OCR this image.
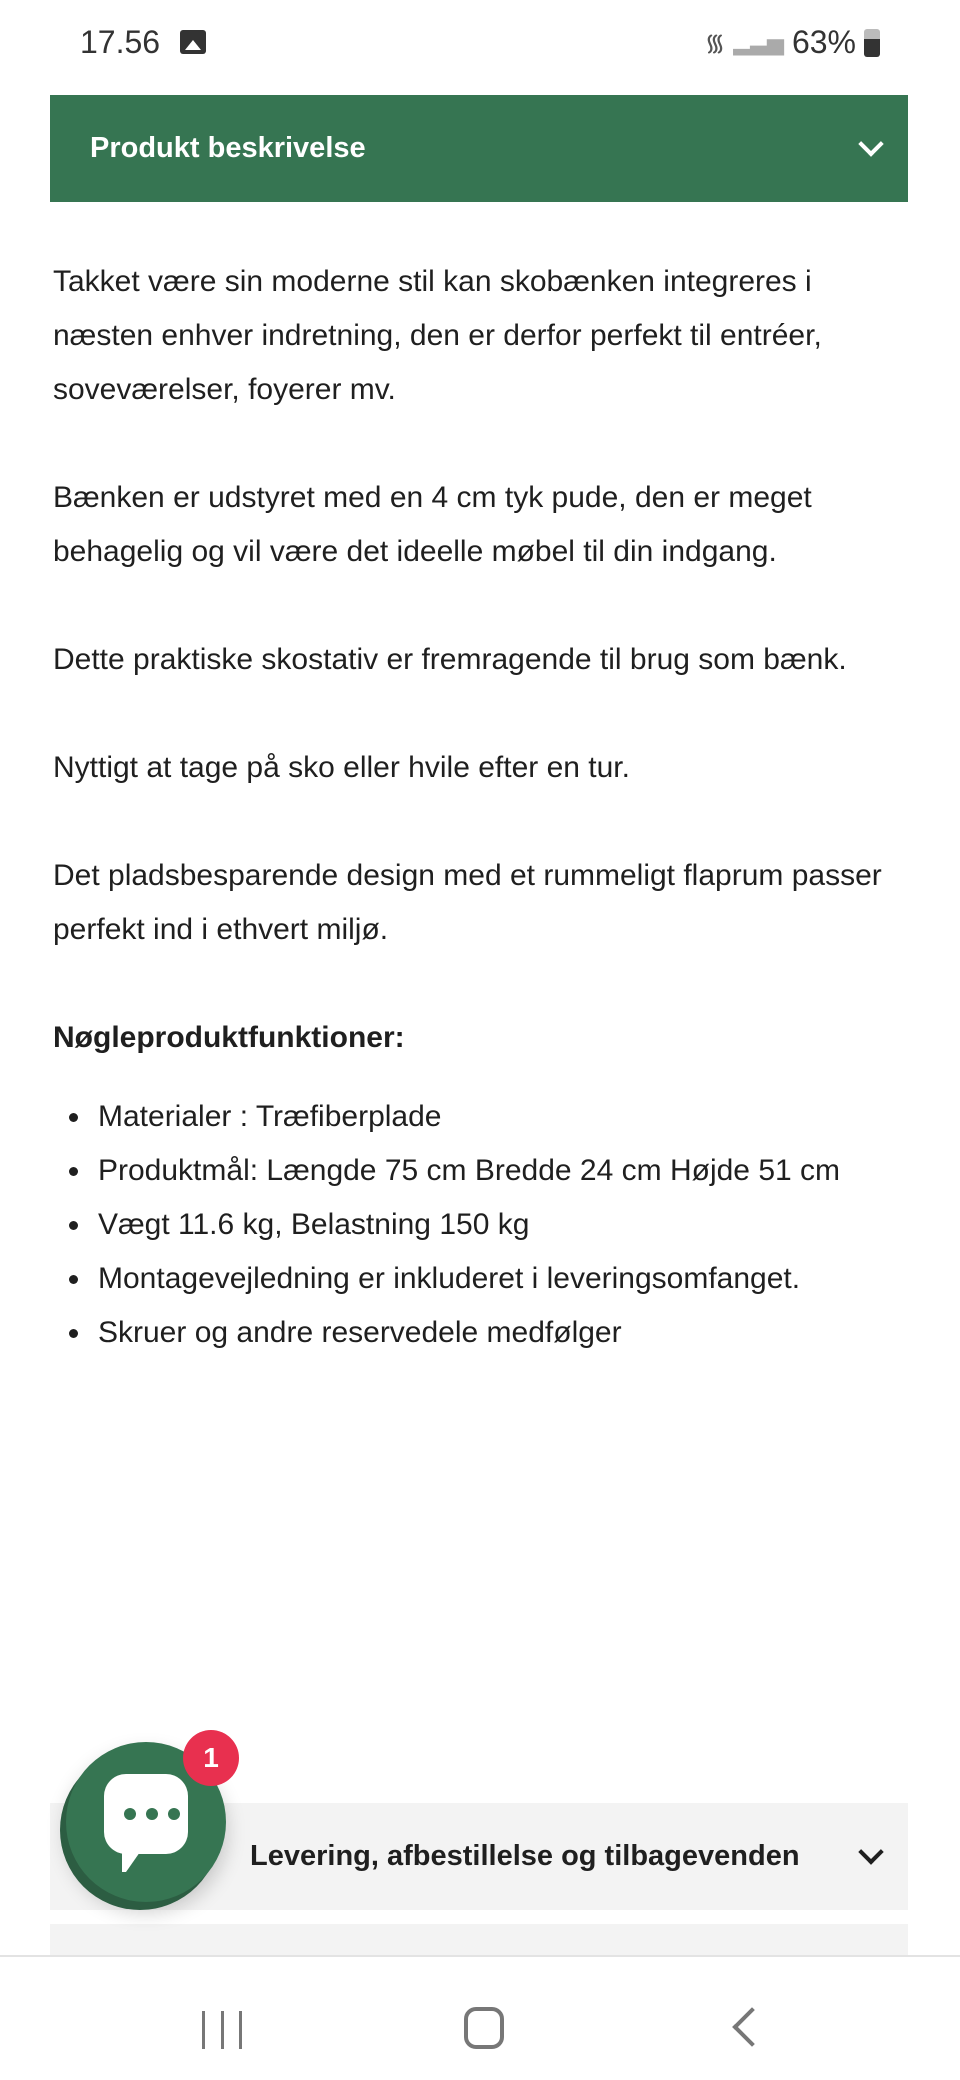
17.56	᯾ ▂▃▅ 63%
Produkt beskrivelse

Takket være sin moderne stil kan skobænken integreres i næsten enhver indretning, den er derfor perfekt til entréer, soveværelser, foyerer mv.

Bænken er udstyret med en 4 cm tyk pude, den er meget behagelig og vil være det ideelle møbel til din indgang.

Dette praktiske skostativ er fremragende til brug som bænk.

Nyttigt at tage på sko eller hvile efter en tur.

Det pladsbesparende design med et rummeligt flaprum passer perfekt ind i ethvert miljø.

Nøgleproduktfunktioner:
Materialer : Træfiberplade
Produktmål: Længde 75 cm Bredde 24 cm Højde 51 cm
Vægt 11.6 kg, Belastning 150 kg
Montagevejledning er inkluderet i leveringsomfanget.
Skruer og andre reservedele medfølger
Levering, afbestillelse og tilbagevenden
1
